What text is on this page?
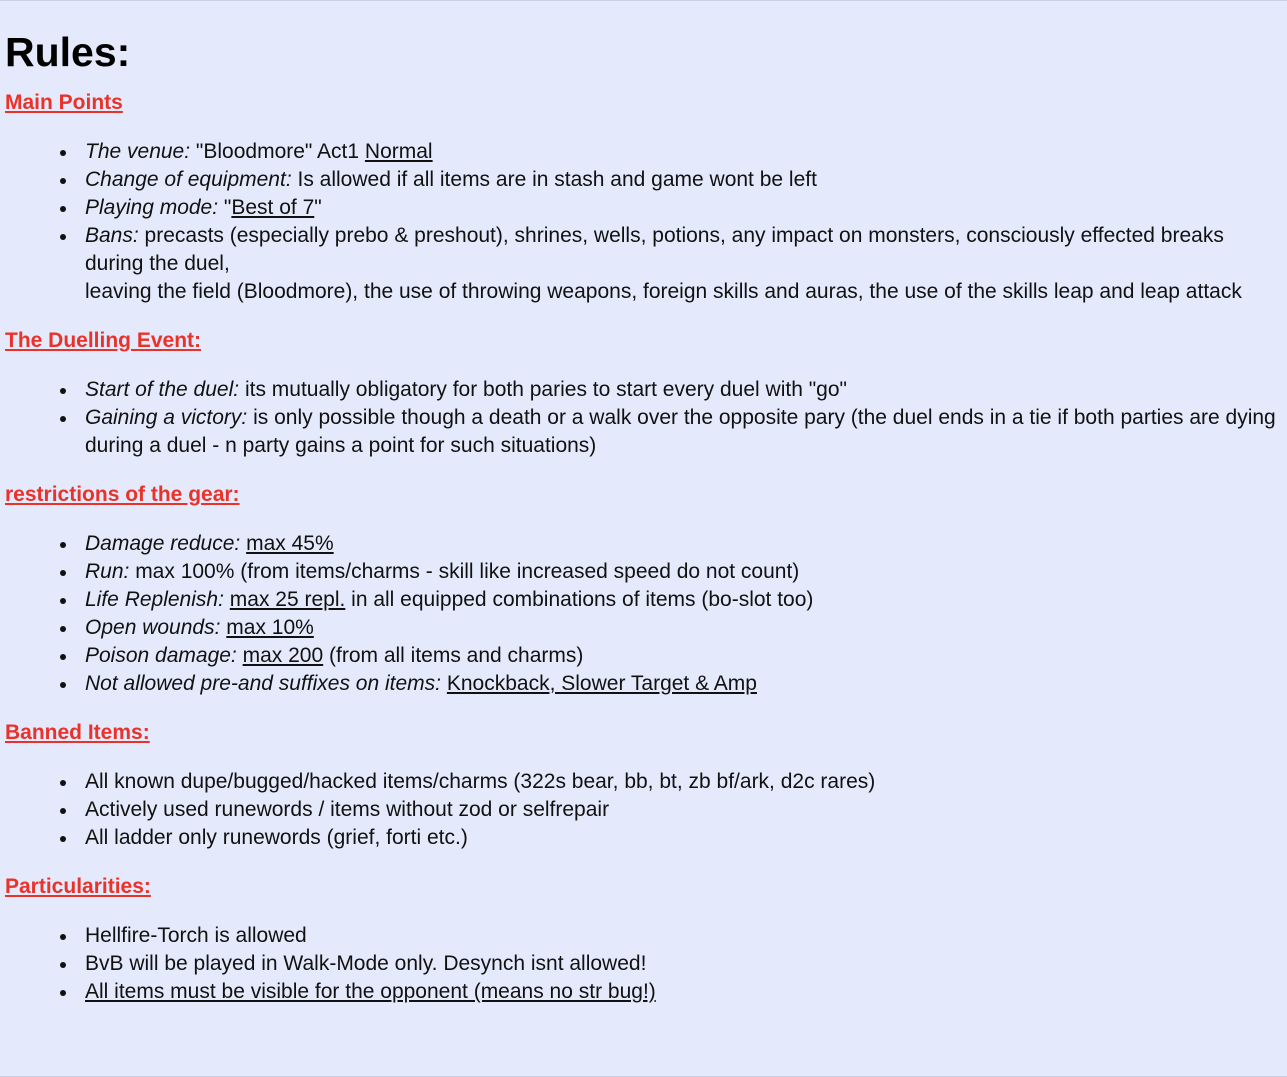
Rules:
Main Points
The venue: "Bloodmore" Act1 Normal
Change of equipment: Is allowed if all items are in stash and game wont be left
Playing mode: "Best of 7"
Bans: precasts (especially prebo & preshout), shrines, wells, potions, any impact on monsters, consciously effected breaks during the duel,
leaving the field (Bloodmore), the use of throwing weapons, foreign skills and auras, the use of the skills leap and leap attack
The Duelling Event:
Start of the duel: its mutually obligatory for both paries to start every duel with "go"
Gaining a victory: is only possible though a death or a walk over the opposite pary (the duel ends in a tie if both parties are dying during a duel - n party gains a point for such situations)
restrictions of the gear:
Damage reduce: max 45%
Run: max 100% (from items/charms - skill like increased speed do not count)
Life Replenish: max 25 repl. in all equipped combinations of items (bo-slot too)
Open wounds: max 10%
Poison damage: max 200 (from all items and charms)
Not allowed pre-and suffixes on items: Knockback, Slower Target & Amp
Banned Items:
All known dupe/bugged/hacked items/charms (322s bear, bb, bt, zb bf/ark, d2c rares)
Actively used runewords / items without zod or selfrepair
All ladder only runewords (grief, forti etc.)
Particularities:
Hellfire-Torch is allowed
BvB will be played in Walk-Mode only. Desynch isnt allowed!
All items must be visible for the opponent (means no str bug!)
